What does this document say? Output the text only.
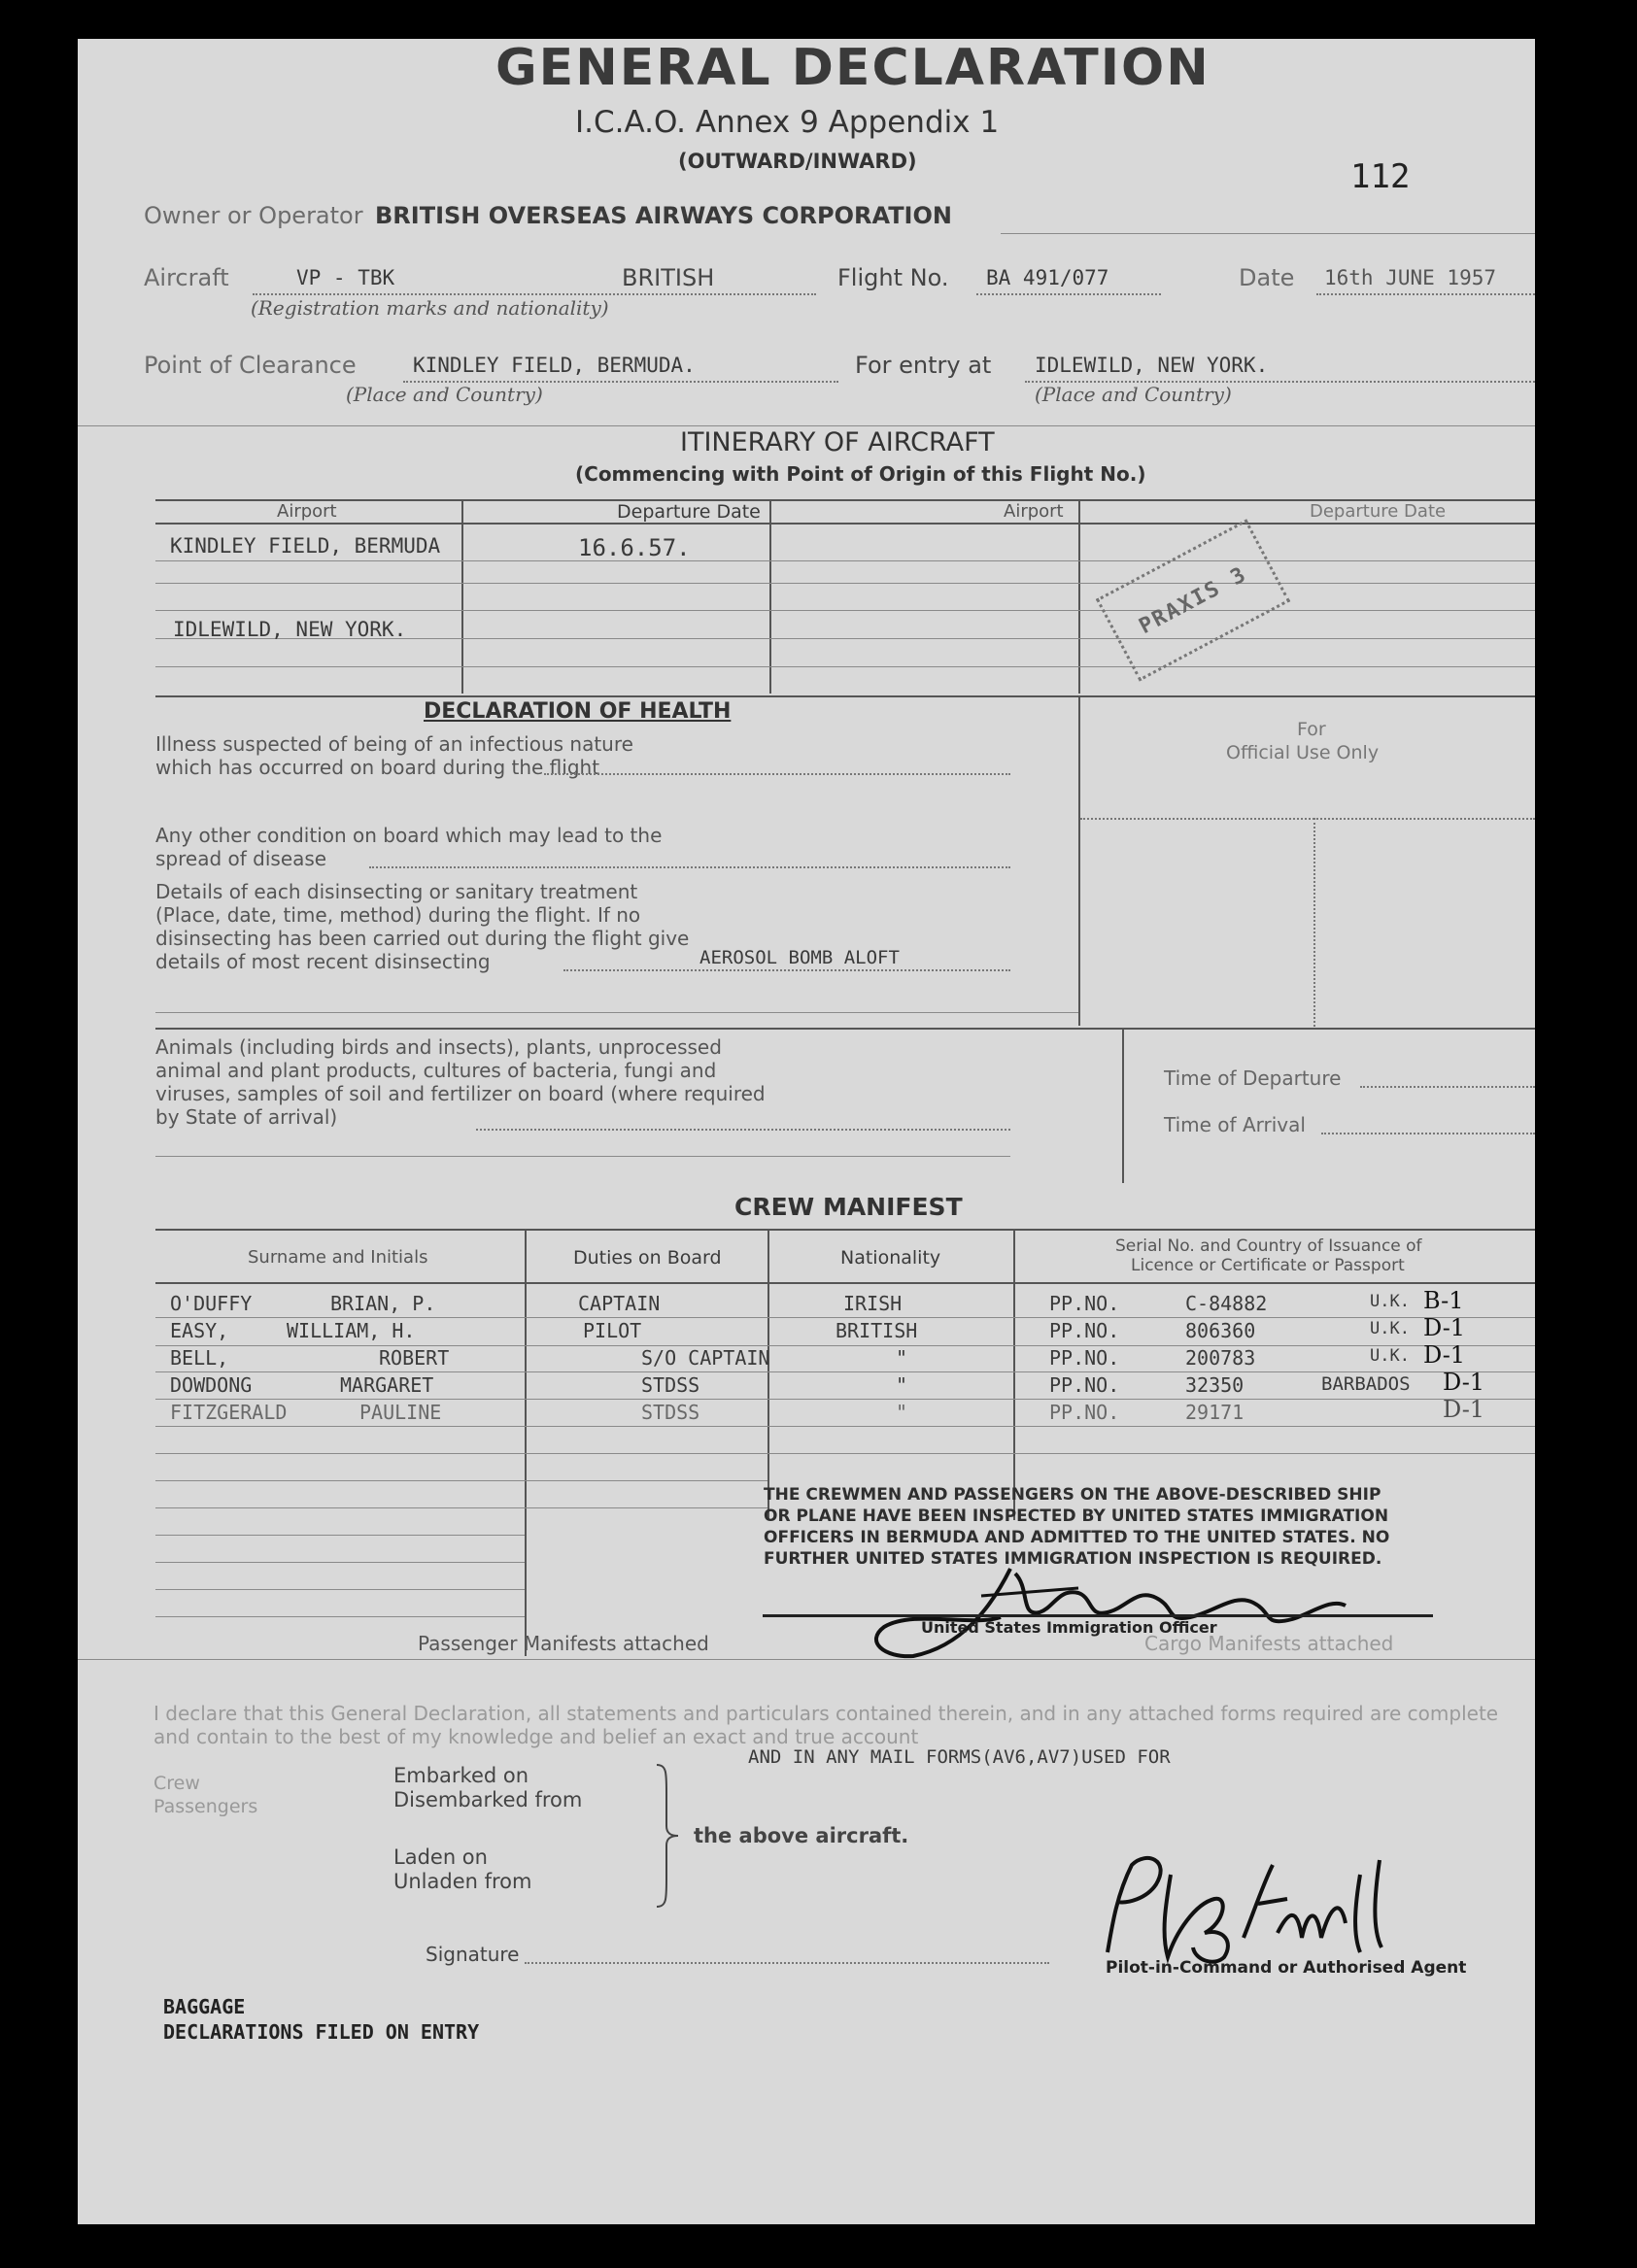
GENERAL DECLARATION
I.C.A.O. Annex 9 Appendix 1
(OUTWARD/INWARD)	112
Owner or Operator BRITISH OVERSEAS AIRWAYS CORPORATION
Aircraft	VP - TBK	BRITISH
(Registration marks and nationality)
Flight No. BA 491/077	Date 16th JUNE 1957
Point of Clearance	KINDLEY FIELD, BERMUDA.
(Place and Country)
For entry at IDLEWILD, NEW YORK.
(Place and Country)
ITINERARY OF AIRCRAFT
(Commencing with Point of Origin of this Flight No.)
Airport	Departure Date	Airport	Departure Date
KINDLEY FIELD, BERMUDA	16.6.57.
IDLEWILD, NEW YORK.	PRAXIS 3
DECLARATION OF HEALTH
Illness suspected of being of an infectious nature which has occurred on board during the flight
Any other condition on board which may lead to the spread of disease
Details of each disinsecting or sanitary treatment (Place, date, time, method) during the flight. If no disinsecting has been carried out during the flight give details of most recent disinsecting	AEROSOL BOMB ALOFT
For
Official Use Only
Animals (including birds and insects), plants, unprocessed animal and plant products, cultures of bacteria, fungi and viruses, samples of soil and fertilizer on board (where required by State of arrival)
Time of Departure
Time of Arrival
CREW MANIFEST
Surname and Initials	Duties on Board	Nationality
Serial No. and Country of Issuance of
Licence or Certificate or Passport
O'DUFFY	BRIAN, P.	CAPTAIN	IRISH	PP.NO.	C-84882	U.K. B-1
EASY,	WILLIAM, H.	PILOT	BRITISH	PP.NO.	806360	U.K. D-1
BELL,	ROBERT	S/O CAPTAIN	"	PP.NO.	200783	U.K. D-1
DOWDONG	MARGARET	STDSS	"	PP.NO.	32350	BARBADOS D-1
FITZGERALD	PAULINE	STDSS	"	PP.NO.	29171	D-1
THE CREWMEN AND PASSENGERS ON THE ABOVE-DESCRIBED SHIP OR PLANE HAVE BEEN INSPECTED BY UNITED STATES IMMIGRATION OFFICERS IN BERMUDA AND ADMITTED TO THE UNITED STATES. NO FURTHER UNITED STATES IMMIGRATION INSPECTION IS REQUIRED.
United States Immigration Officer
Passenger Manifests attached	Cargo Manifests attached
I declare that this General Declaration, all statements and particulars contained therein, and in any attached forms required are complete and contain to the best of my knowledge and belief an exact and true account
AND IN ANY MAIL FORMS(AV6,AV7)USED FOR
Crew
Passengers
Embarked on
Disembarked from
Laden on
Unladen from
the above aircraft.
Signature
Pilot-in-Command or Authorised Agent
BAGGAGE
DECLARATIONS FILED ON ENTRY
